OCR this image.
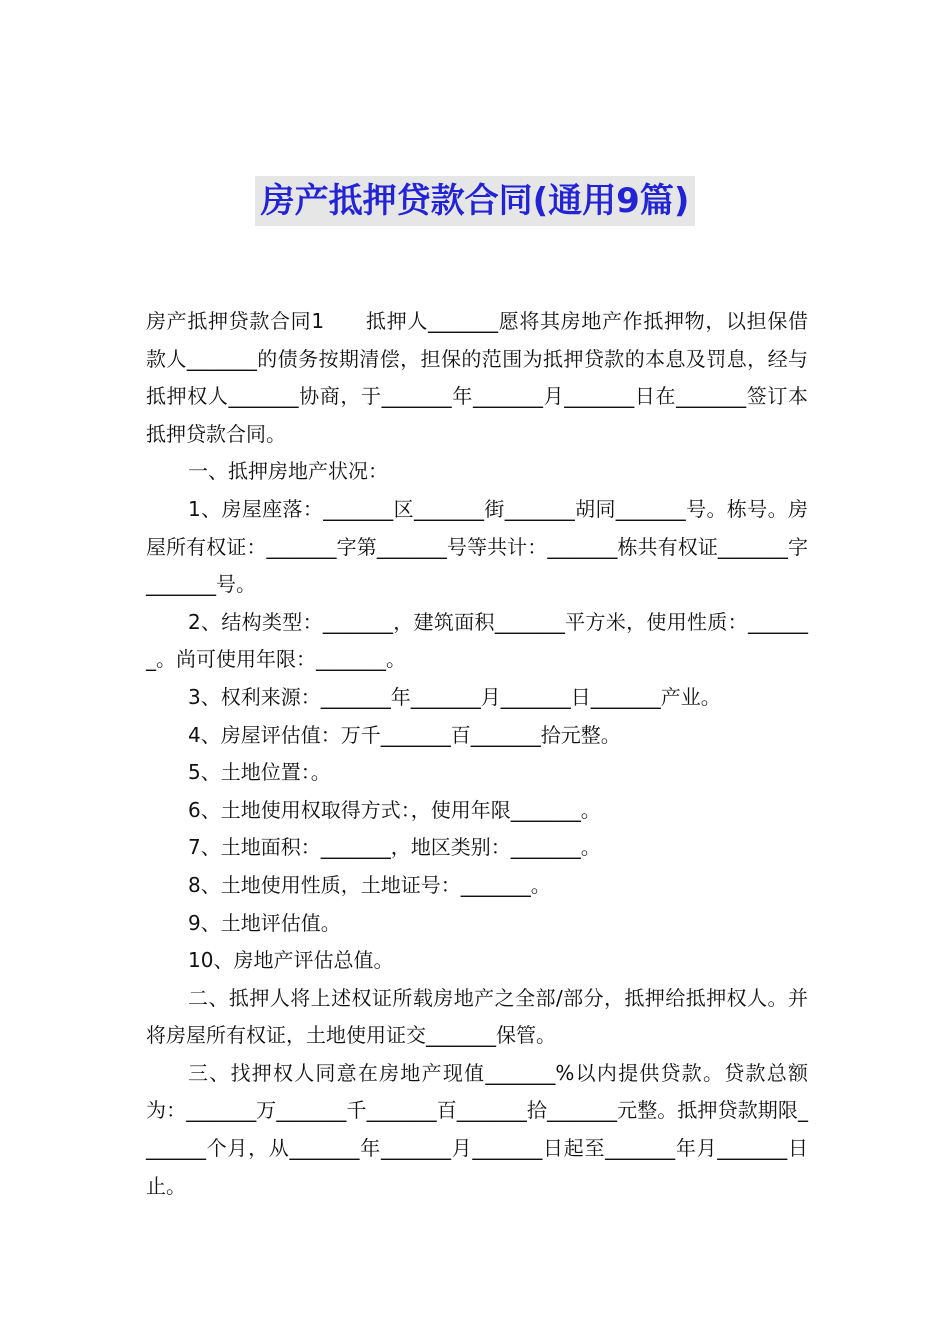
房产抵押贷款合同(通用9篇)

房产抵押贷款合同1　　抵押人_______愿将其房地产作抵押物，以担保借款人_______的债务按期清偿，担保的范围为抵押贷款的本息及罚息，经与抵押权人_______协商，于_______年_______月_______日在_______签订本抵押贷款合同。

一、抵押房地产状况：

1、房屋座落：_______区_______街_______胡同_______号。栋号。房屋所有权证：_______字第_______号等共计：_______栋共有权证_______字_______号。

2、结构类型：_______，建筑面积_______平方米，使用性质：_______。尚可使用年限：_______。

3、权利来源：_______年_______月_______日_______产业。

4、房屋评估值：万千_______百_______拾元整。

5、土地位置：。

6、土地使用权取得方式：，使用年限_______。

7、土地面积：_______，地区类别：_______。

8、土地使用性质，土地证号：_______。

9、土地评估值。

10、房地产评估总值。

二、抵押人将上述权证所载房地产之全部/部分，抵押给抵押权人。并将房屋所有权证，土地使用证交_______保管。

三、找押权人同意在房地产现值_______%以内提供贷款。贷款总额为：_______万_______千_______百_______拾_______元整。抵押贷款期限_______个月，从_______年_______月_______日起至_______年月_______日止。
